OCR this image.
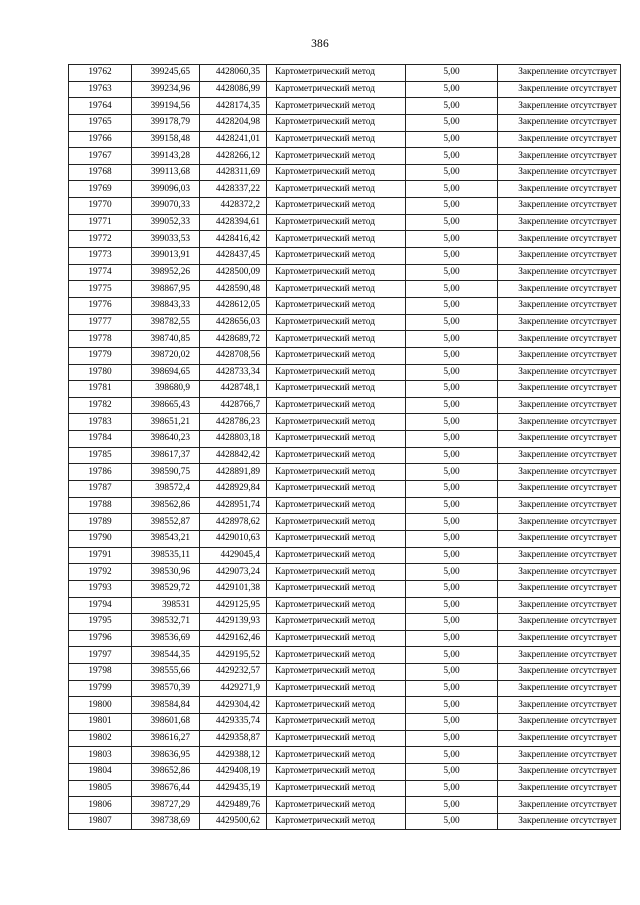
386
19762	399245,65	4428060,35	Картометрический метод	5,00	Закрепление отсутствует
19763	399234,96	4428086,99	Картометрический метод	5,00	Закрепление отсутствует
19764	399194,56	4428174,35	Картометрический метод	5,00	Закрепление отсутствует
19765	399178,79	4428204,98	Картометрический метод	5,00	Закрепление отсутствует
19766	399158,48	4428241,01	Картометрический метод	5,00	Закрепление отсутствует
19767	399143,28	4428266,12	Картометрический метод	5,00	Закрепление отсутствует
19768	399113,68	4428311,69	Картометрический метод	5,00	Закрепление отсутствует
19769	399096,03	4428337,22	Картометрический метод	5,00	Закрепление отсутствует
19770	399070,33	4428372,2	Картометрический метод	5,00	Закрепление отсутствует
19771	399052,33	4428394,61	Картометрический метод	5,00	Закрепление отсутствует
19772	399033,53	4428416,42	Картометрический метод	5,00	Закрепление отсутствует
19773	399013,91	4428437,45	Картометрический метод	5,00	Закрепление отсутствует
19774	398952,26	4428500,09	Картометрический метод	5,00	Закрепление отсутствует
19775	398867,95	4428590,48	Картометрический метод	5,00	Закрепление отсутствует
19776	398843,33	4428612,05	Картометрический метод	5,00	Закрепление отсутствует
19777	398782,55	4428656,03	Картометрический метод	5,00	Закрепление отсутствует
19778	398740,85	4428689,72	Картометрический метод	5,00	Закрепление отсутствует
19779	398720,02	4428708,56	Картометрический метод	5,00	Закрепление отсутствует
19780	398694,65	4428733,34	Картометрический метод	5,00	Закрепление отсутствует
19781	398680,9	4428748,1	Картометрический метод	5,00	Закрепление отсутствует
19782	398665,43	4428766,7	Картометрический метод	5,00	Закрепление отсутствует
19783	398651,21	4428786,23	Картометрический метод	5,00	Закрепление отсутствует
19784	398640,23	4428803,18	Картометрический метод	5,00	Закрепление отсутствует
19785	398617,37	4428842,42	Картометрический метод	5,00	Закрепление отсутствует
19786	398590,75	4428891,89	Картометрический метод	5,00	Закрепление отсутствует
19787	398572,4	4428929,84	Картометрический метод	5,00	Закрепление отсутствует
19788	398562,86	4428951,74	Картометрический метод	5,00	Закрепление отсутствует
19789	398552,87	4428978,62	Картометрический метод	5,00	Закрепление отсутствует
19790	398543,21	4429010,63	Картометрический метод	5,00	Закрепление отсутствует
19791	398535,11	4429045,4	Картометрический метод	5,00	Закрепление отсутствует
19792	398530,96	4429073,24	Картометрический метод	5,00	Закрепление отсутствует
19793	398529,72	4429101,38	Картометрический метод	5,00	Закрепление отсутствует
19794	398531	4429125,95	Картометрический метод	5,00	Закрепление отсутствует
19795	398532,71	4429139,93	Картометрический метод	5,00	Закрепление отсутствует
19796	398536,69	4429162,46	Картометрический метод	5,00	Закрепление отсутствует
19797	398544,35	4429195,52	Картометрический метод	5,00	Закрепление отсутствует
19798	398555,66	4429232,57	Картометрический метод	5,00	Закрепление отсутствует
19799	398570,39	4429271,9	Картометрический метод	5,00	Закрепление отсутствует
19800	398584,84	4429304,42	Картометрический метод	5,00	Закрепление отсутствует
19801	398601,68	4429335,74	Картометрический метод	5,00	Закрепление отсутствует
19802	398616,27	4429358,87	Картометрический метод	5,00	Закрепление отсутствует
19803	398636,95	4429388,12	Картометрический метод	5,00	Закрепление отсутствует
19804	398652,86	4429408,19	Картометрический метод	5,00	Закрепление отсутствует
19805	398676,44	4429435,19	Картометрический метод	5,00	Закрепление отсутствует
19806	398727,29	4429489,76	Картометрический метод	5,00	Закрепление отсутствует
19807	398738,69	4429500,62	Картометрический метод	5,00	Закрепление отсутствует
